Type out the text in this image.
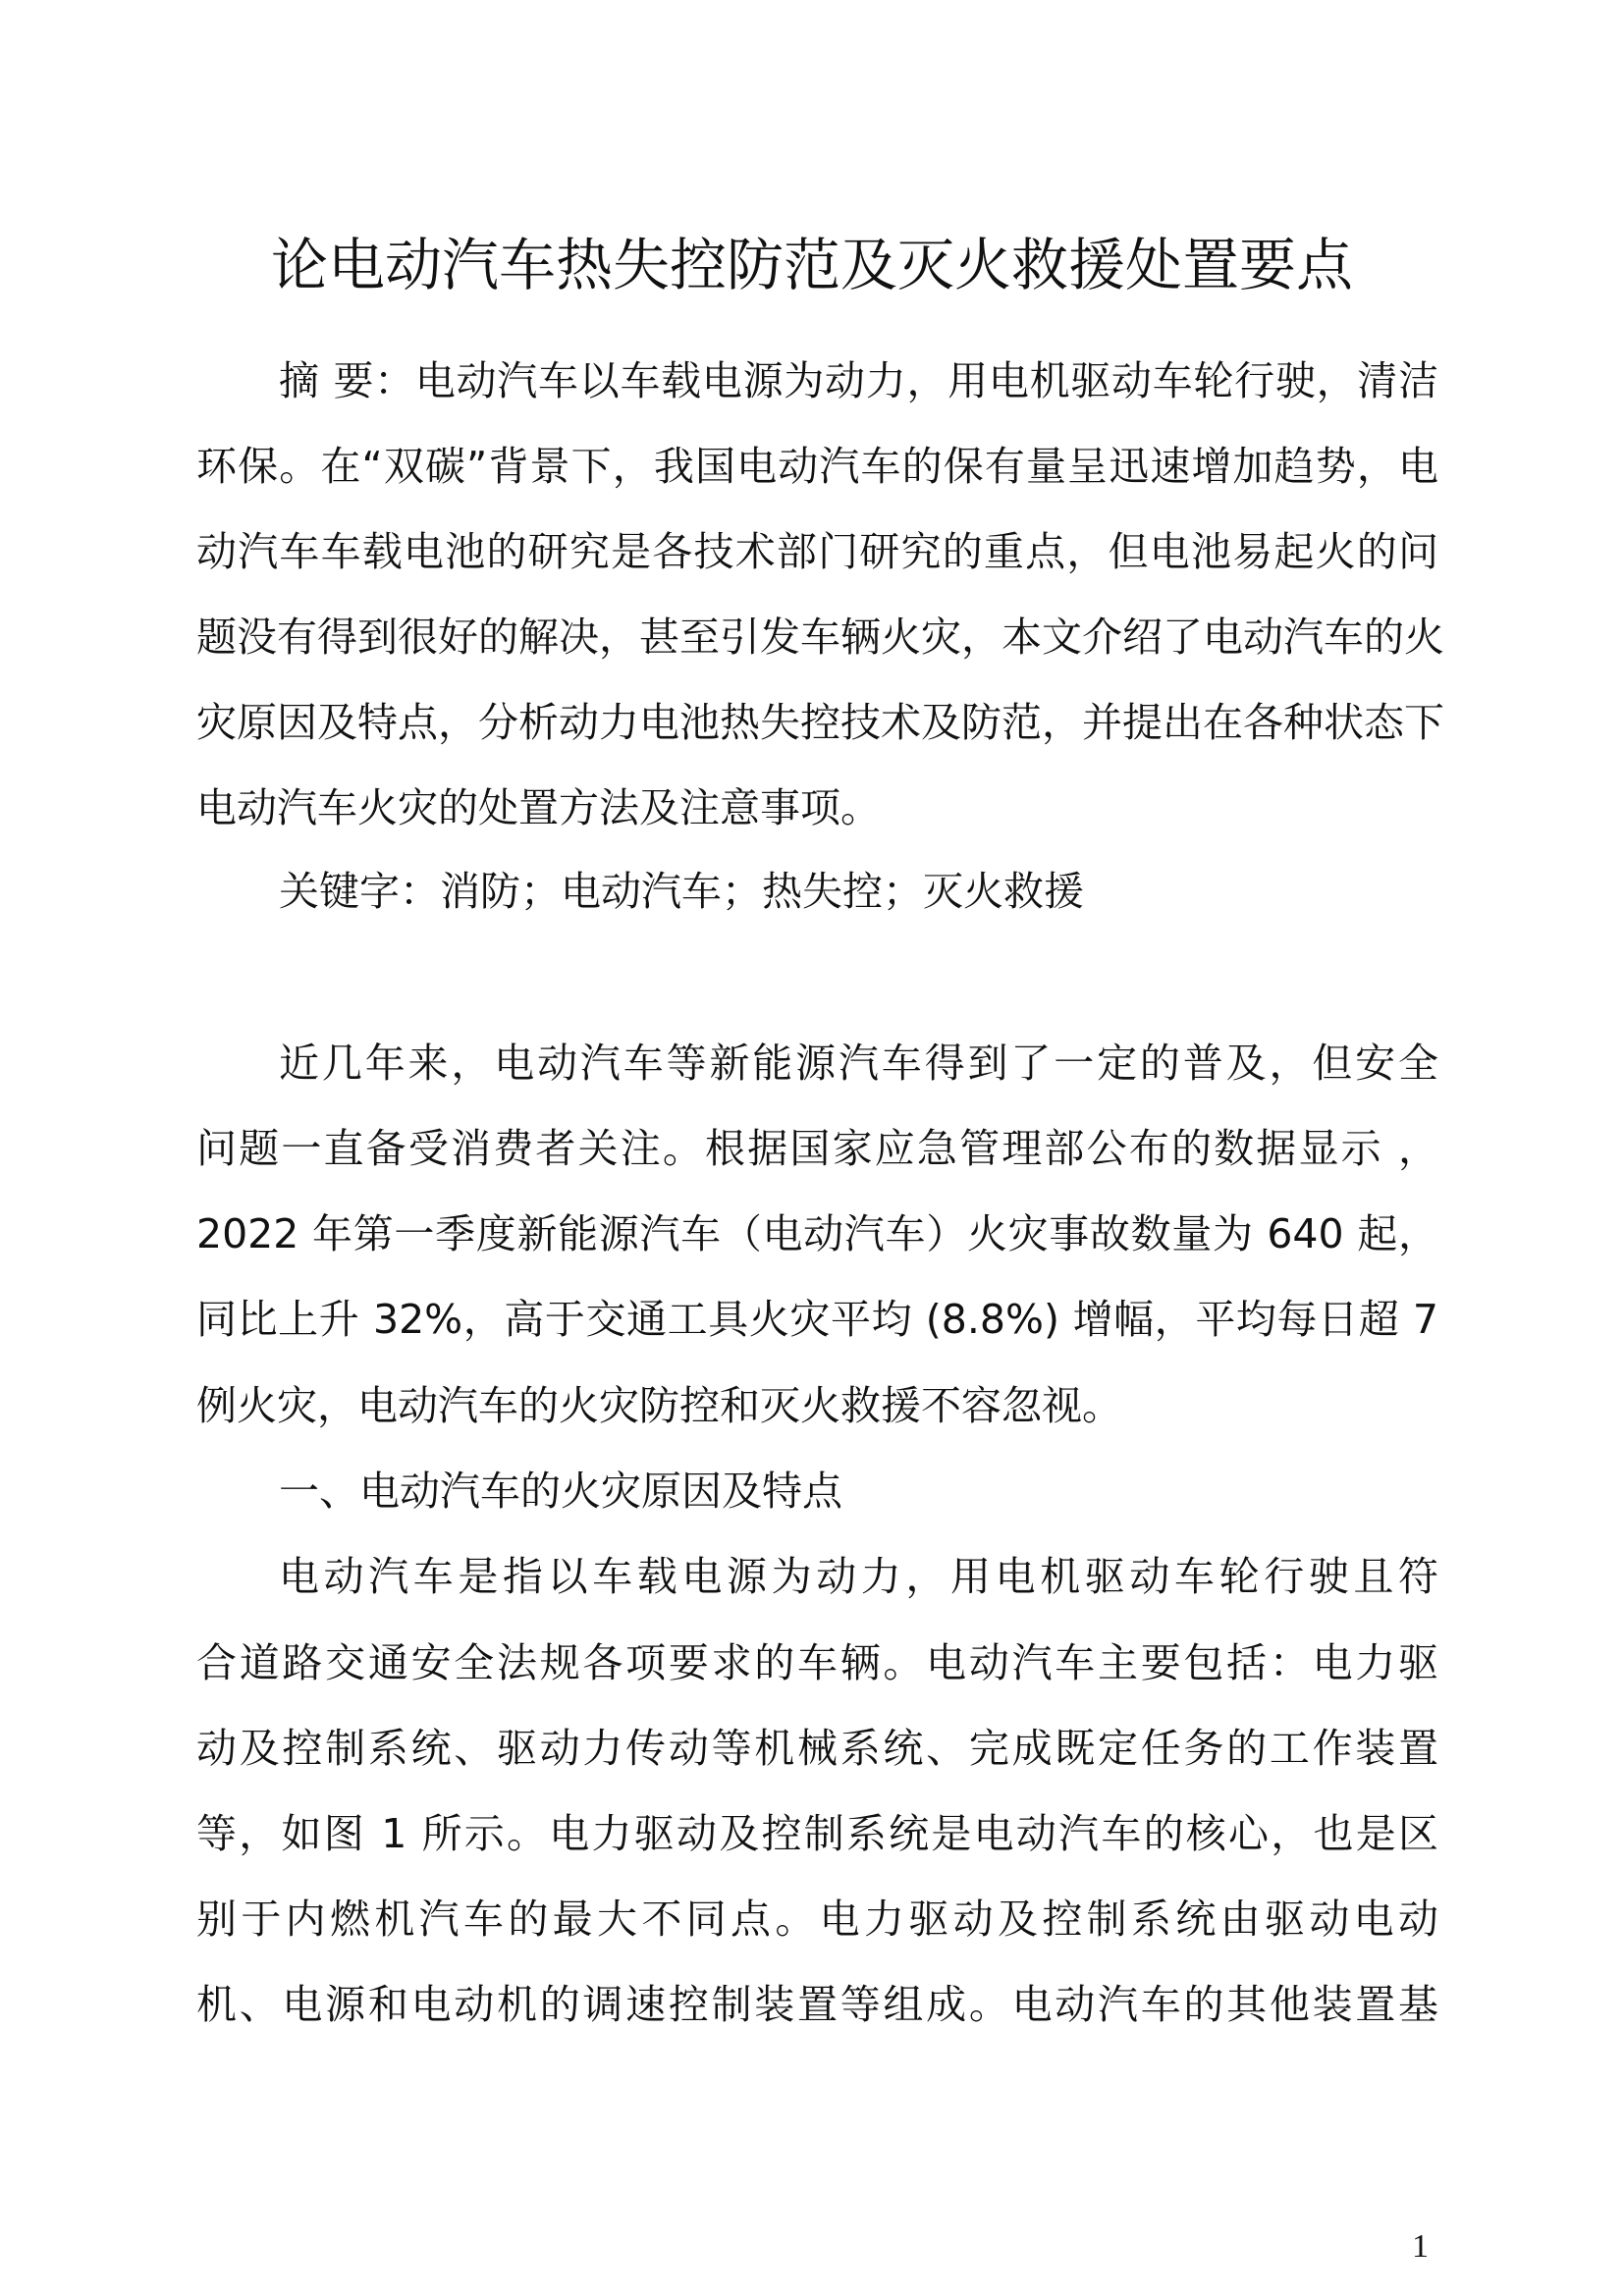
论电动汽车热失控防范及灭火救援处置要点
摘 要：电动汽车以车载电源为动力，用电机驱动车轮行驶，清洁
环保。在“双碳”背景下，我国电动汽车的保有量呈迅速增加趋势，电
动汽车车载电池的研究是各技术部门研究的重点，但电池易起火的问
题没有得到很好的解决，甚至引发车辆火灾，本文介绍了电动汽车的火
灾原因及特点，分析动力电池热失控技术及防范，并提出在各种状态下
电动汽车火灾的处置方法及注意事项。
关键字：消防；电动汽车；热失控；灭火救援
近几年来，电动汽车等新能源汽车得到了一定的普及，但安全
问题一直备受消费者关注。根据国家应急管理部公布的数据显示 ，
2022 年第一季度新能源汽车（电动汽车）火灾事故数量为 640 起，
同比上升 32%，高于交通工具火灾平均 (8.8%) 增幅，平均每日超 7
例火灾，电动汽车的火灾防控和灭火救援不容忽视。
一、电动汽车的火灾原因及特点
电动汽车是指以车载电源为动力，用电机驱动车轮行驶且符
合道路交通安全法规各项要求的车辆。电动汽车主要包括：电力驱
动及控制系统、驱动力传动等机械系统、完成既定任务的工作装置
等，如图 1 所示。电力驱动及控制系统是电动汽车的核心，也是区
别于内燃机汽车的最大不同点。电力驱动及控制系统由驱动电动
机、电源和电动机的调速控制装置等组成。电动汽车的其他装置基
1
